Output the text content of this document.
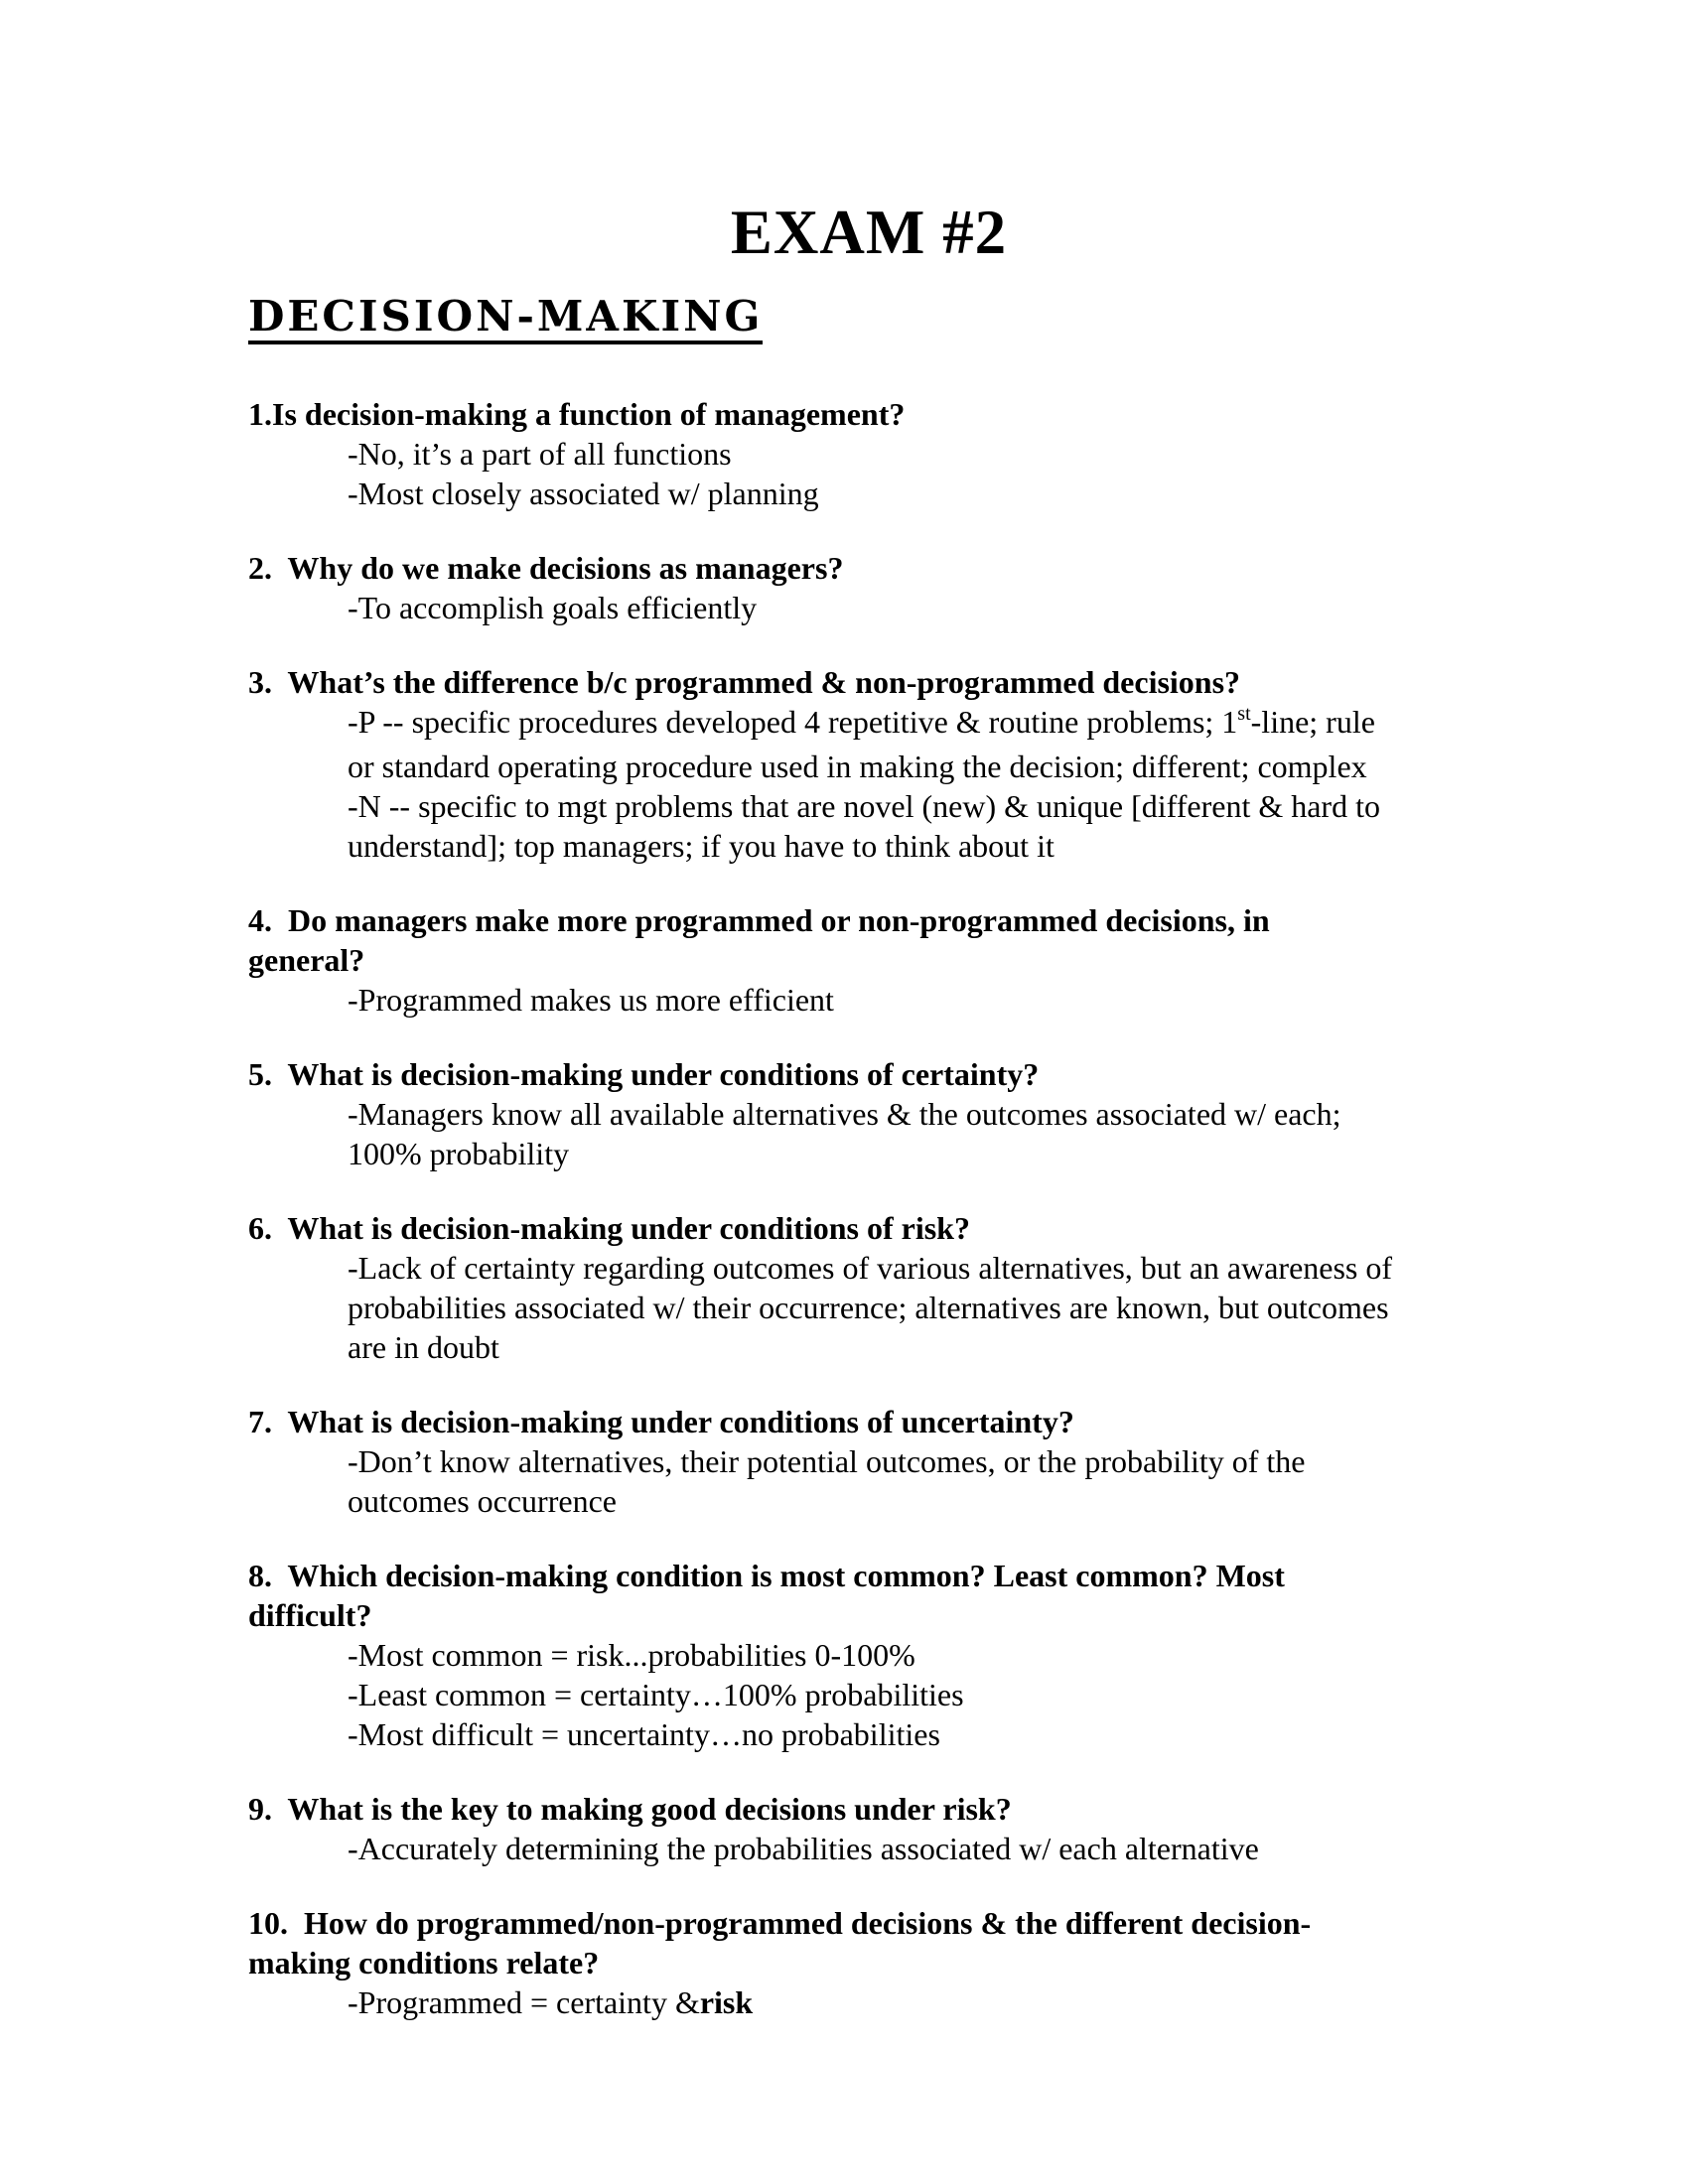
EXAM #2
DECISION-MAKING
1.Is decision-making a function of management?
-No, it’s a part of all functions
-Most closely associated w/ planning
2.  Why do we make decisions as managers?
-To accomplish goals efficiently
3.  What’s the difference b/c programmed & non-programmed decisions?
-P -- specific procedures developed 4 repetitive & routine problems; 1st-line; rule
or standard operating procedure used in making the decision; different; complex
-N -- specific to mgt problems that are novel (new) & unique [different & hard to
understand]; top managers; if you have to think about it
4.  Do managers make more programmed or non-programmed decisions, in
general?
-Programmed makes us more efficient
5.  What is decision-making under conditions of certainty?
-Managers know all available alternatives & the outcomes associated w/ each;
100% probability
6.  What is decision-making under conditions of risk?
-Lack of certainty regarding outcomes of various alternatives, but an awareness of
probabilities associated w/ their occurrence; alternatives are known, but outcomes
are in doubt
7.  What is decision-making under conditions of uncertainty?
-Don’t know alternatives, their potential outcomes, or the probability of the
outcomes occurrence
8.  Which decision-making condition is most common? Least common? Most
difficult?
-Most common = risk...probabilities 0-100%
-Least common = certainty…100% probabilities
-Most difficult = uncertainty…no probabilities
9.  What is the key to making good decisions under risk?
-Accurately determining the probabilities associated w/ each alternative
10.  How do programmed/non-programmed decisions & the different decision-
making conditions relate?
-Programmed = certainty &risk
